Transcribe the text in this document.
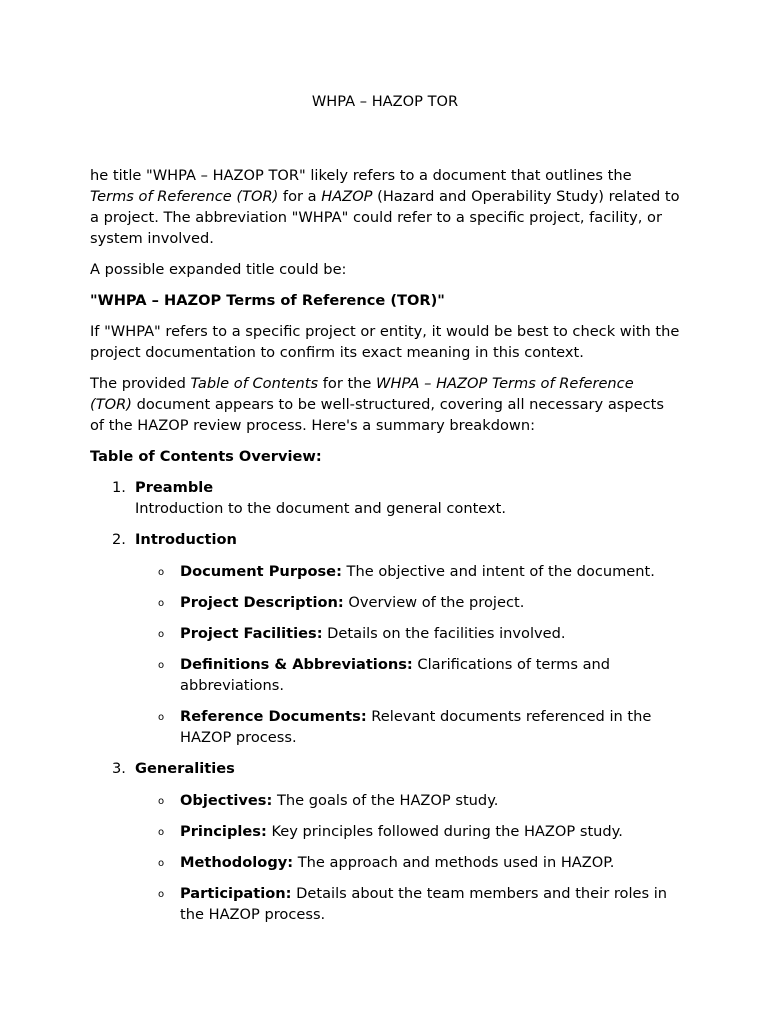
WHPA – HAZOP TOR

he title "WHPA – HAZOP TOR" likely refers to a document that outlines the Terms of Reference (TOR) for a HAZOP (Hazard and Operability Study) related to a project. The abbreviation "WHPA" could refer to a specific project, facility, or system involved.

A possible expanded title could be:

"WHPA – HAZOP Terms of Reference (TOR)"

If "WHPA" refers to a specific project or entity, it would be best to check with the project documentation to confirm its exact meaning in this context.

The provided Table of Contents for the WHPA – HAZOP Terms of Reference (TOR) document appears to be well-structured, covering all necessary aspects of the HAZOP review process. Here's a summary breakdown:

Table of Contents Overview:

1. Preamble
Introduction to the document and general context.
2. Introduction
o Document Purpose: The objective and intent of the document.
o Project Description: Overview of the project.
o Project Facilities: Details on the facilities involved.
o Definitions & Abbreviations: Clarifications of terms and abbreviations.
o Reference Documents: Relevant documents referenced in the HAZOP process.
3. Generalities
o Objectives: The goals of the HAZOP study.
o Principles: Key principles followed during the HAZOP study.
o Methodology: The approach and methods used in HAZOP.
o Participation: Details about the team members and their roles in the HAZOP process.
